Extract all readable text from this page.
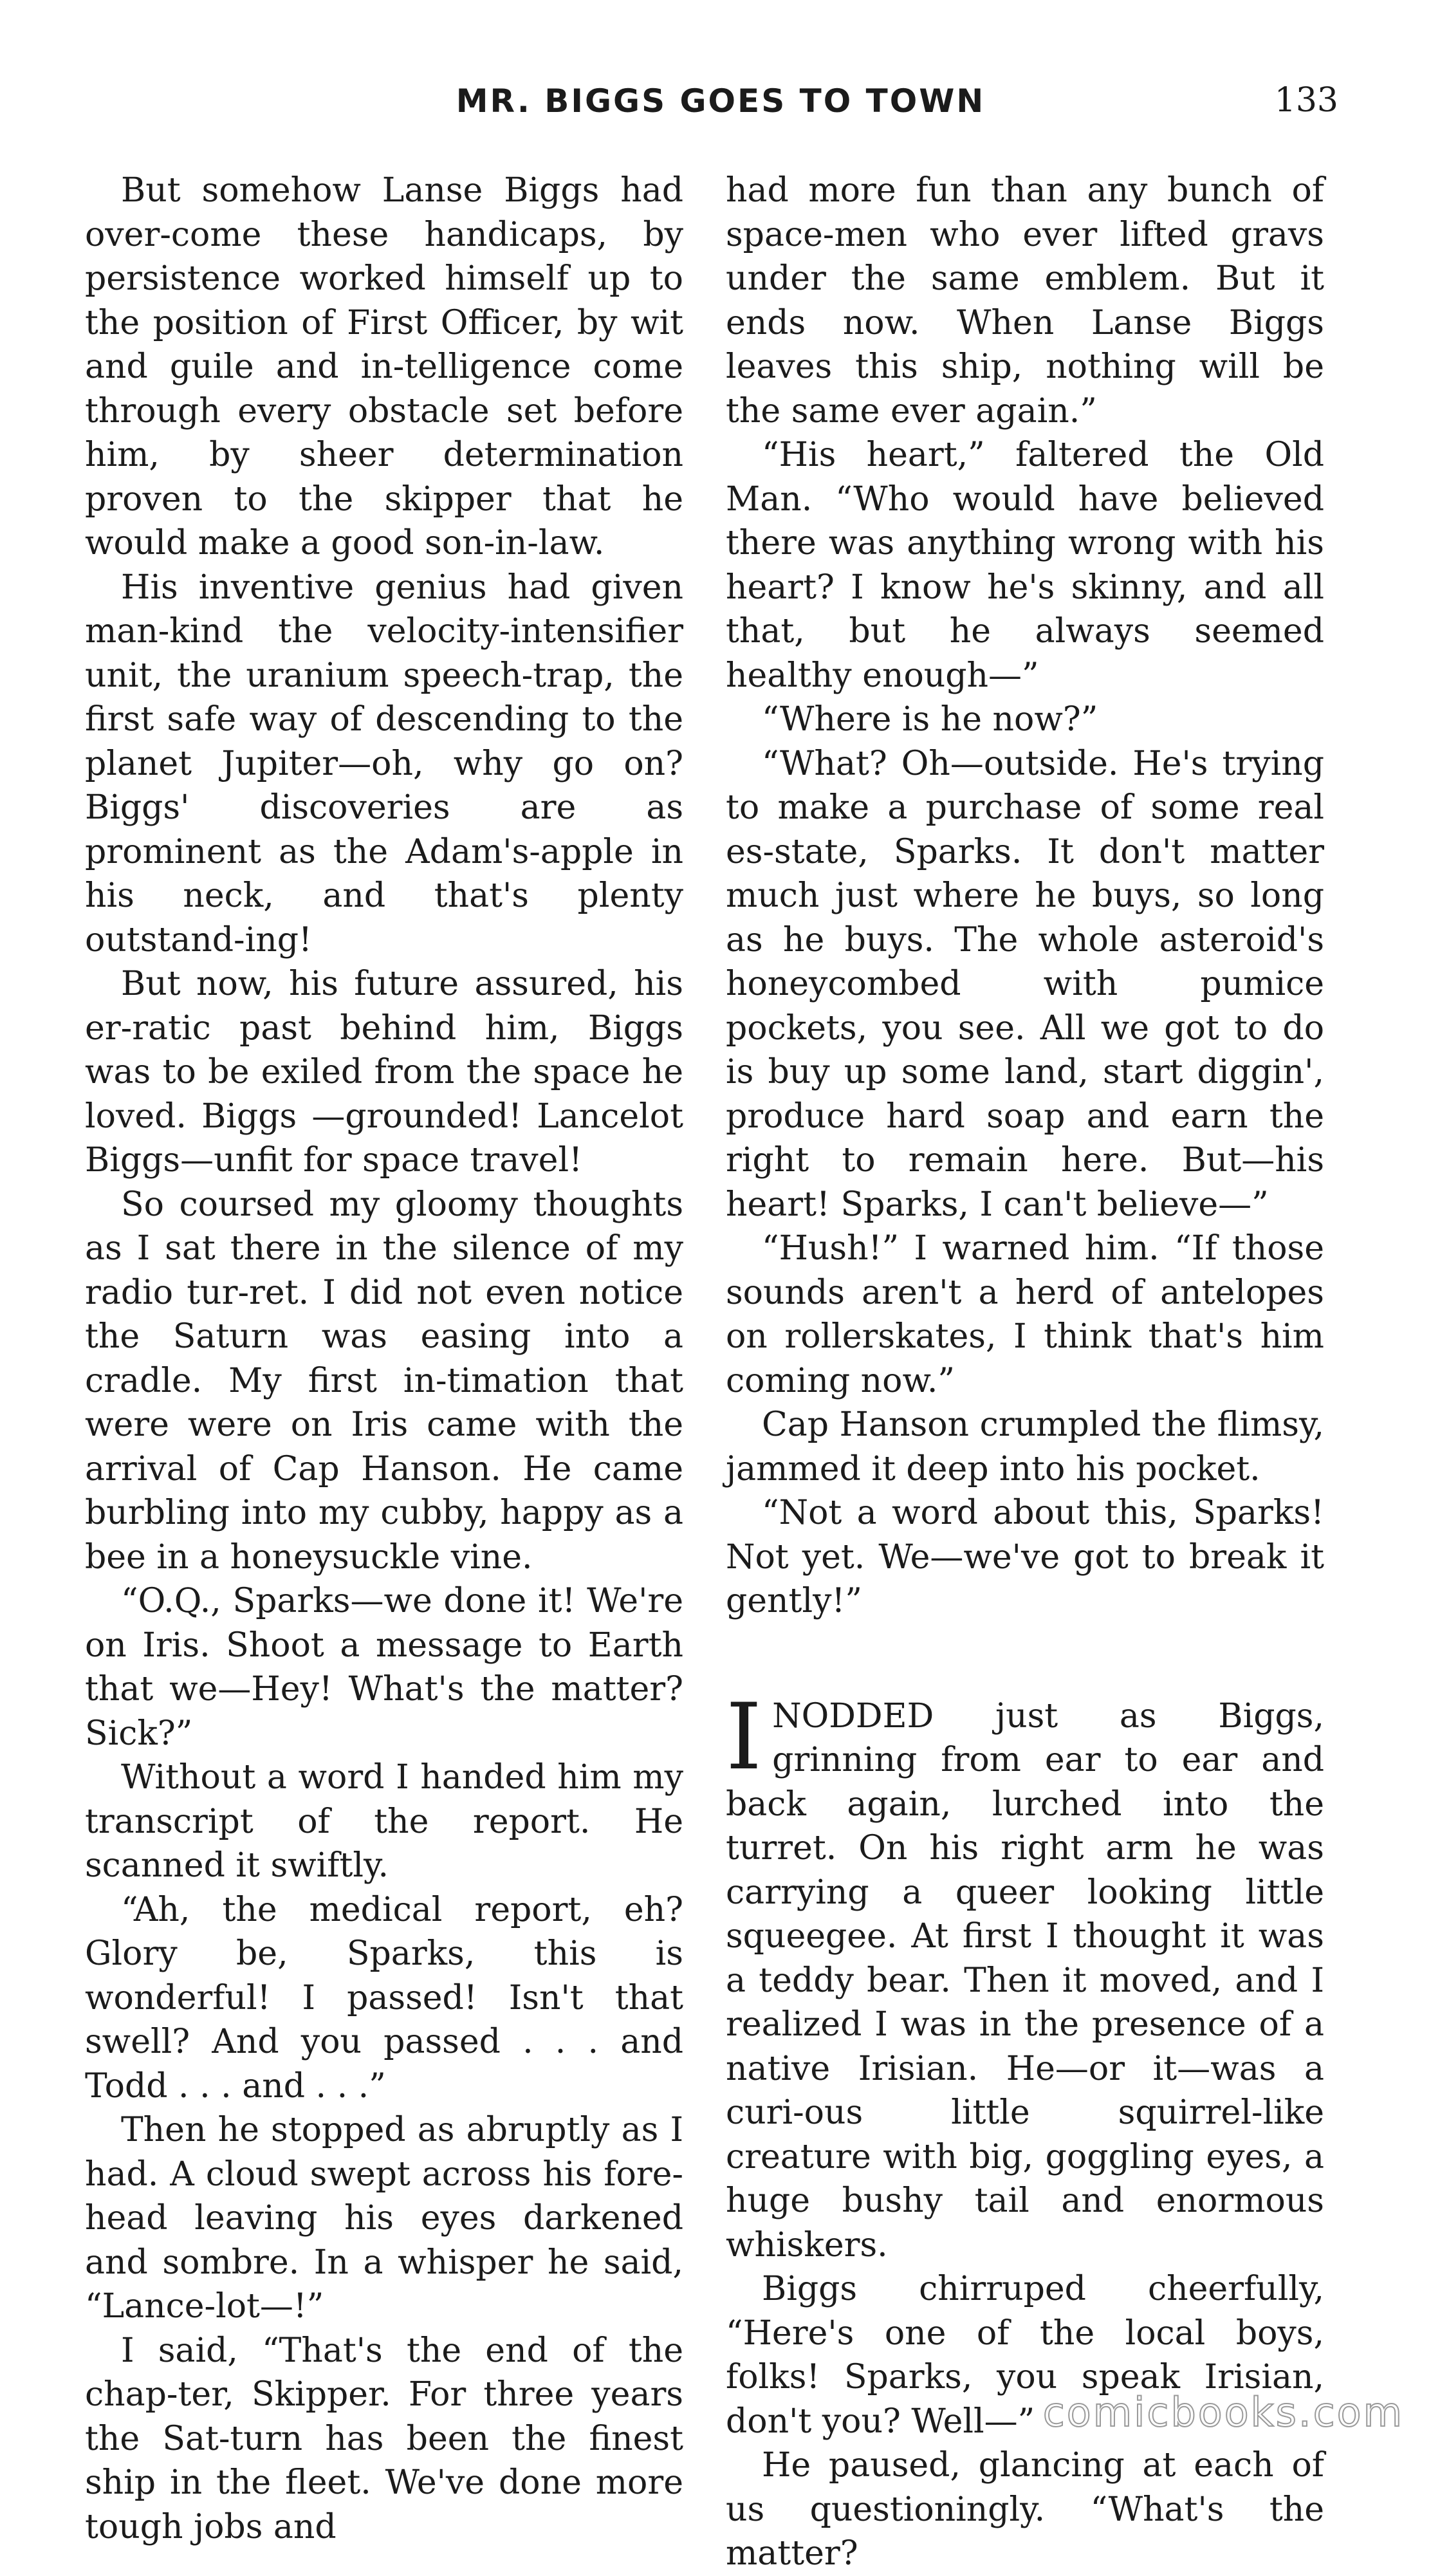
MR. BIGGS GOES TO TOWN	133

But somehow Lanse Biggs had over-come these handicaps, by persistence worked himself up to the position of First Officer, by wit and guile and in-telligence come through every obstacle set before him, by sheer determination proven to the skipper that he would make a good son-in-law.

His inventive genius had given man-kind the velocity-intensifier unit, the uranium speech-trap, the first safe way of descending to the planet Jupiter—oh, why go on? Biggs' discoveries are as prominent as the Adam's-apple in his neck, and that's plenty outstand-ing!

But now, his future assured, his er-ratic past behind him, Biggs was to be exiled from the space he loved. Biggs —grounded! Lancelot Biggs—unfit for space travel!

So coursed my gloomy thoughts as I sat there in the silence of my radio tur-ret. I did not even notice the Saturn was easing into a cradle. My first in-timation that were were on Iris came with the arrival of Cap Hanson. He came burbling into my cubby, happy as a bee in a honeysuckle vine.

“O.Q., Sparks—we done it! We're on Iris. Shoot a message to Earth that we—Hey! What's the matter? Sick?”

Without a word I handed him my transcript of the report. He scanned it swiftly.

“Ah, the medical report, eh? Glory be, Sparks, this is wonderful! I passed! Isn't that swell? And you passed . . . and Todd . . . and . . .”

Then he stopped as abruptly as I had. A cloud swept across his fore-head leaving his eyes darkened and sombre. In a whisper he said, “Lance-lot—!”

I said, “That's the end of the chap-ter, Skipper. For three years the Sat-turn has been the finest ship in the fleet. We've done more tough jobs and

had more fun than any bunch of space-men who ever lifted gravs under the same emblem. But it ends now. When Lanse Biggs leaves this ship, nothing will be the same ever again.”

“His heart,” faltered the Old Man. “Who would have believed there was anything wrong with his heart? I know he's skinny, and all that, but he always seemed healthy enough—”

“Where is he now?”

“What? Oh—outside. He's trying to make a purchase of some real es-state, Sparks. It don't matter much just where he buys, so long as he buys. The whole asteroid's honeycombed with pumice pockets, you see. All we got to do is buy up some land, start diggin', produce hard soap and earn the right to remain here. But—his heart! Sparks, I can't believe—”

“Hush!” I warned him. “If those sounds aren't a herd of antelopes on rollerskates, I think that's him coming now.”

Cap Hanson crumpled the flimsy, jammed it deep into his pocket.

“Not a word about this, Sparks! Not yet. We—we've got to break it gently!”

INODDED just as Biggs, grinning from ear to ear and back again, lurched into the turret. On his right arm he was carrying a queer looking little squeegee. At first I thought it was a teddy bear. Then it moved, and I realized I was in the presence of a native Irisian. He—or it—was a curi-ous little squirrel-like creature with big, goggling eyes, a huge bushy tail and enormous whiskers.

Biggs chirruped cheerfully, “Here's one of the local boys, folks! Sparks, you speak Irisian, don't you? Well—”

He paused, glancing at each of us questioningly. “What's the matter?

comicbooks.com
